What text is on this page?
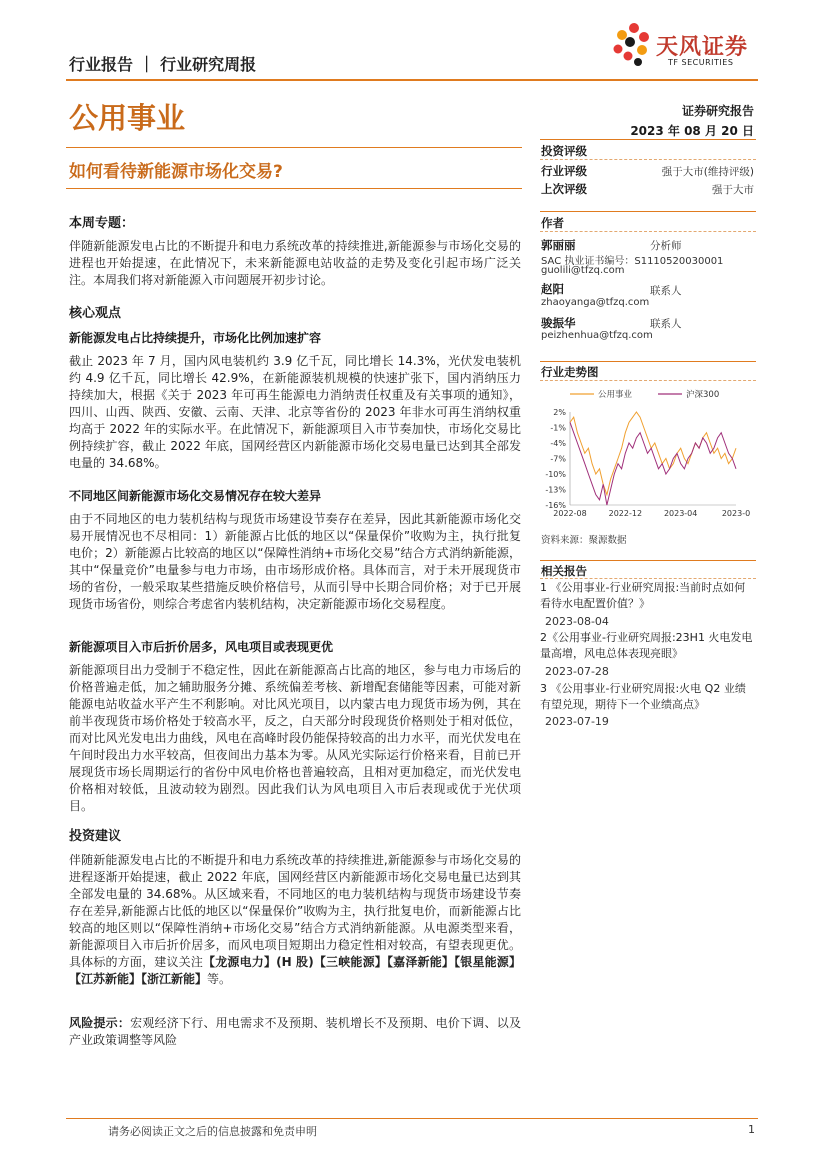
行业报告 ｜ 行业研究周报
天风证券
TF SECURITIES
公用事业	证券研究报告
2023 年 08 月 20 日
如何看待新能源市场化交易?
投资评级
行业评级	强于大市(维持评级)
上次评级	强于大市
作者
郭丽丽	分析师
SAC 执业证书编号：S1110520030001
guolili@tfzq.com
赵阳	联系人
zhaoyanga@tfzq.com
骏振华	联系人
peizhenhua@tfzq.com
行业走势图
公用事业	沪深300
2%
-1%
-4%
-7%
-10%
-13%
-16%
2022-08	2022-12	2023-04	2023-0
资料来源：聚源数据
相关报告
1 《公用事业-行业研究周报:当前时点如何看待水电配置价值？》
2023-08-04
2《公用事业-行业研究周报:23H1 火电发电量高增，风电总体表现亮眼》
2023-07-28
3 《公用事业-行业研究周报:火电 Q2 业绩有望兑现，期待下一个业绩高点》
2023-07-19
本周专题：
伴随新能源发电占比的不断提升和电力系统改革的持续推进,新能源参与市场化交易的进程也开始提速，在此情况下，未来新能源电站收益的走势及变化引起市场广泛关注。本周我们将对新能源入市问题展开初步讨论。
核心观点
新能源发电占比持续提升，市场化比例加速扩容
截止 2023 年 7 月，国内风电装机约 3.9 亿千瓦，同比增长 14.3%，光伏发电装机约 4.9 亿千瓦，同比增长 42.9%，在新能源装机规模的快速扩张下，国内消纳压力持续加大，根据《关于 2023 年可再生能源电力消纳责任权重及有关事项的通知》，四川、山西、陕西、安徽、云南、天津、北京等省份的 2023 年非水可再生消纳权重均高于 2022 年的实际水平。在此情况下，新能源项目入市节奏加快，市场化交易比例持续扩容，截止 2022 年底，国网经营区内新能源市场化交易电量已达到其全部发电量的 34.68%。
不同地区间新能源市场化交易情况存在较大差异
由于不同地区的电力装机结构与现货市场建设节奏存在差异，因此其新能源市场化交易开展情况也不尽相同：1）新能源占比低的地区以“保量保价”收购为主，执行批复电价；2）新能源占比较高的地区以“保障性消纳+市场化交易”结合方式消纳新能源，其中“保量竞价”电量参与电力市场，由市场形成价格。具体而言，对于未开展现货市场的省份，一般采取某些措施反映价格信号，从而引导中长期合同价格；对于已开展现货市场省份，则综合考虑省内装机结构，决定新能源市场化交易程度。
新能源项目入市后折价居多，风电项目或表现更优
新能源项目出力受制于不稳定性，因此在新能源高占比高的地区，参与电力市场后的价格普遍走低，加之辅助服务分摊、系统偏差考核、新增配套储能等因素，可能对新能源电站收益水平产生不利影响。对比风光项目，以内蒙古电力现货市场为例，其在前半夜现货市场价格处于较高水平，反之，白天部分时段现货价格则处于相对低位，而对比风光发电出力曲线，风电在高峰时段仍能保持较高的出力水平，而光伏发电在午间时段出力水平较高，但夜间出力基本为零。从风光实际运行价格来看，目前已开展现货市场长周期运行的省份中风电价格也普遍较高，且相对更加稳定，而光伏发电价格相对较低，且波动较为剧烈。因此我们认为风电项目入市后表现或优于光伏项目。
投资建议
伴随新能源发电占比的不断提升和电力系统改革的持续推进,新能源参与市场化交易的进程逐渐开始提速，截止 2022 年底，国网经营区内新能源市场化交易电量已达到其全部发电量的 34.68%。从区域来看，不同地区的电力装机结构与现货市场建设节奏存在差异,新能源占比低的地区以“保量保价”收购为主，执行批复电价，而新能源占比较高的地区则以“保障性消纳+市场化交易”结合方式消纳新能源。从电源类型来看，新能源项目入市后折价居多，而风电项目短期出力稳定性相对较高，有望表现更优。具体标的方面，建议关注【龙源电力】(H 股)【三峡能源】【嘉泽新能】【银星能源】【江苏新能】【浙江新能】等。
风险提示：宏观经济下行、用电需求不及预期、装机增长不及预期、电价下调、以及产业政策调整等风险
请务必阅读正文之后的信息披露和免责申明	1
